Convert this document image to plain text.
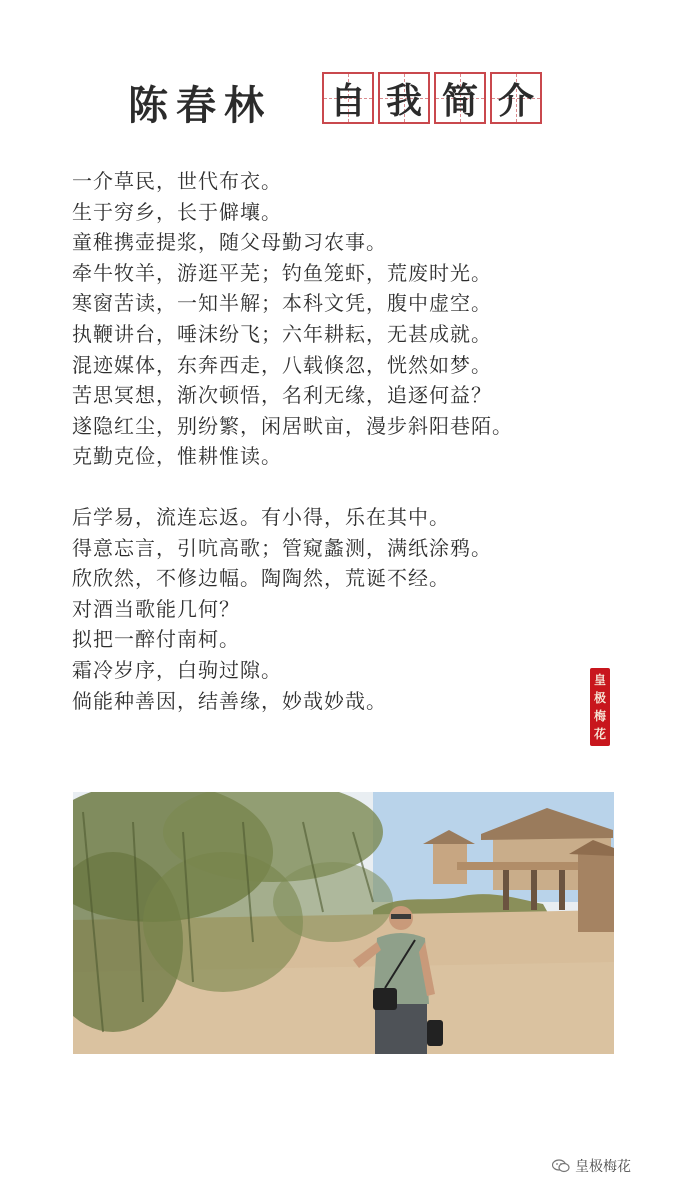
陈春林 自 我 简 介
一介草民，世代布衣。
生于穷乡，长于僻壤。
童稚携壶提浆，随父母勤习农事。
牵牛牧羊，游逛平芜；钓鱼笼虾，荒废时光。
寒窗苦读，一知半解；本科文凭，腹中虚空。
执鞭讲台，唾沫纷飞；六年耕耘，无甚成就。
混迹媒体，东奔西走，八载倏忽，恍然如梦。
苦思冥想，渐次顿悟，名利无缘，追逐何益？
遂隐红尘，别纷繁，闲居畎亩，漫步斜阳巷陌。
克勤克俭，惟耕惟读。
后学易，流连忘返。有小得，乐在其中。
得意忘言，引吭高歌；管窥蠡测，满纸涂鸦。
欣欣然，不修边幅。陶陶然，荒诞不经。
对酒当歌能几何？
拟把一醉付南柯。
霜冷岁序，白驹过隙。
倘能种善因，结善缘，妙哉妙哉。
皇
极
梅
花
皇极梅花
